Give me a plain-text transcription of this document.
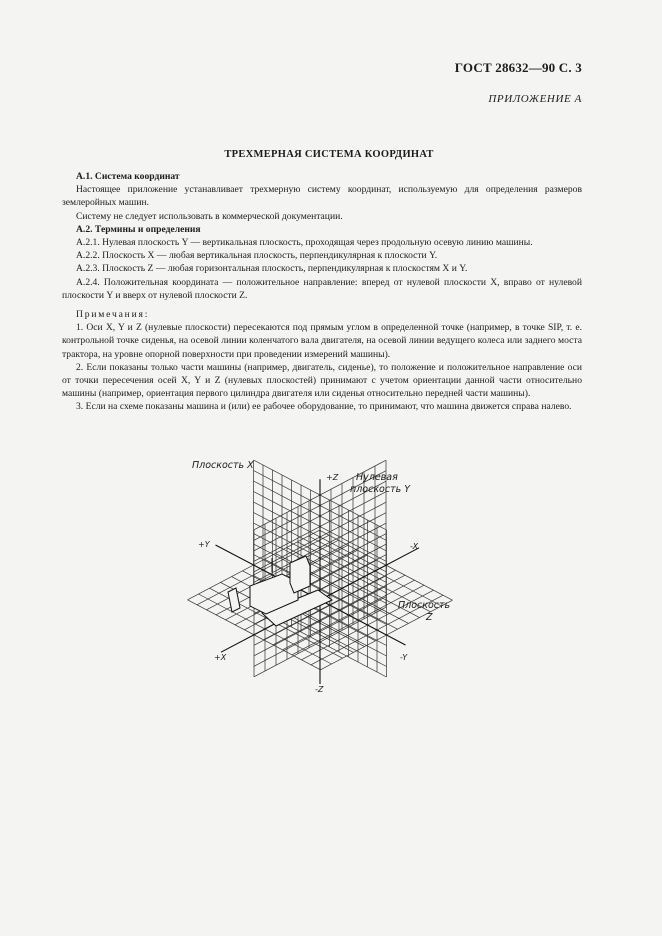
ГОСТ 28632—90 С. 3
ПРИЛОЖЕНИЕ А
ТРЕХМЕРНАЯ СИСТЕМА КООРДИНАТ

А.1. Система координат

Настоящее приложение устанавливает трехмерную систему координат, используемую для определения размеров землеройных машин.

Систему не следует использовать в коммерческой документации.

А.2. Термины и определения

А.2.1. Нулевая плоскость Y — вертикальная плоскость, проходящая через продольную осевую линию машины.

А.2.2. Плоскость X — любая вертикальная плоскость, перпендикулярная к плоскости Y.

А.2.3. Плоскость Z — любая горизонтальная плоскость, перпендикулярная к плоскостям X и Y.

А.2.4. Положительная координата — положительное направление: вперед от нулевой плоскости X, вправо от нулевой плоскости Y и вверх от нулевой плоскости Z.

Примечания:

1. Оси X, Y и Z (нулевые плоскости) пересекаются под прямым углом в определенной точке (например, в точке SIP, т. е. контрольной точке сиденья, на осевой линии коленчатого вала двигателя, на осевой линии ведущего колеса или заднего моста трактора, на уровне опорной поверхности при проведении измерений машины).

2. Если показаны только части машины (например, двигатель, сиденье), то положение и положительное направление оси от точки пересечения осей X, Y и Z (нулевых плоскостей) принимают с учетом ориентации данной части относительно машины (например, ориентация первого цилиндра двигателя или сиденья относительно передней части машины).

3. Если на схеме показаны машина и (или) ее рабочее оборудование, то принимают, что машина движется справа налево.

Плоскость X
Нулевая
плоскость Y
Плоскость
Z
+Z
-Z
+Y
-Y
+X
-X
